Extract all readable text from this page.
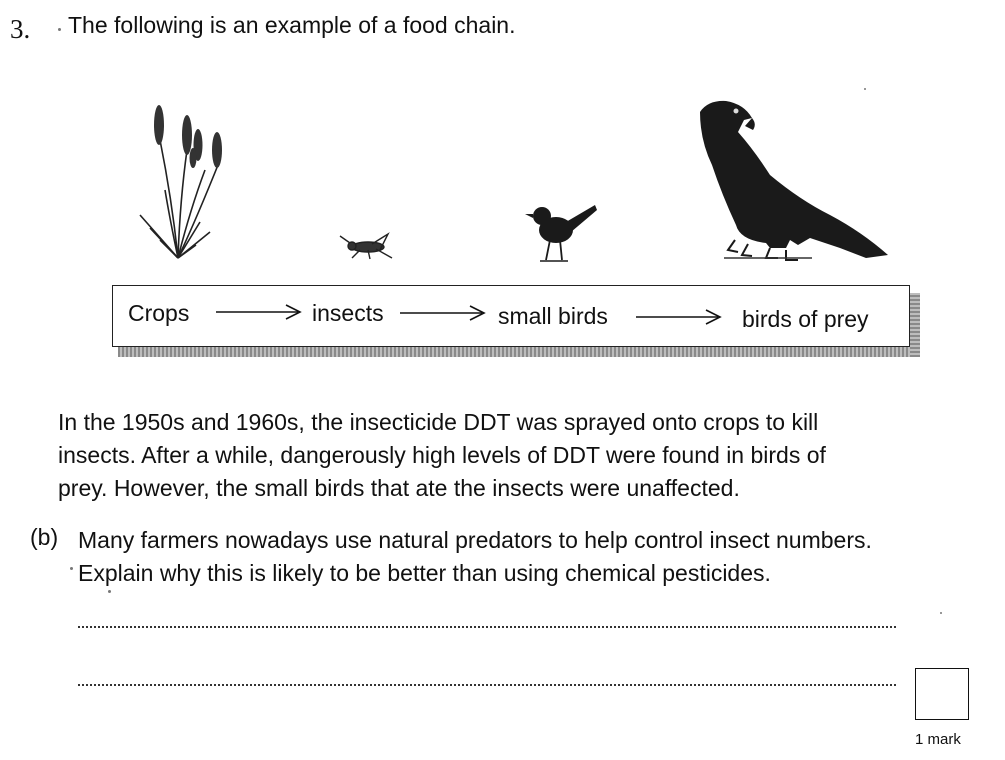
3. The following is an example of a food chain.
Crops	insects	small birds	birds of prey

In the 1950s and 1960s, the insecticide DDT was sprayed onto crops to kill

insects. After a while, dangerously high levels of DDT were found in birds of

prey. However, the small birds that ate the insects were unaffected.

(b) Many farmers nowadays use natural predators to help control insect numbers.

Explain why this is likely to be better than using chemical pesticides.

1 mark
